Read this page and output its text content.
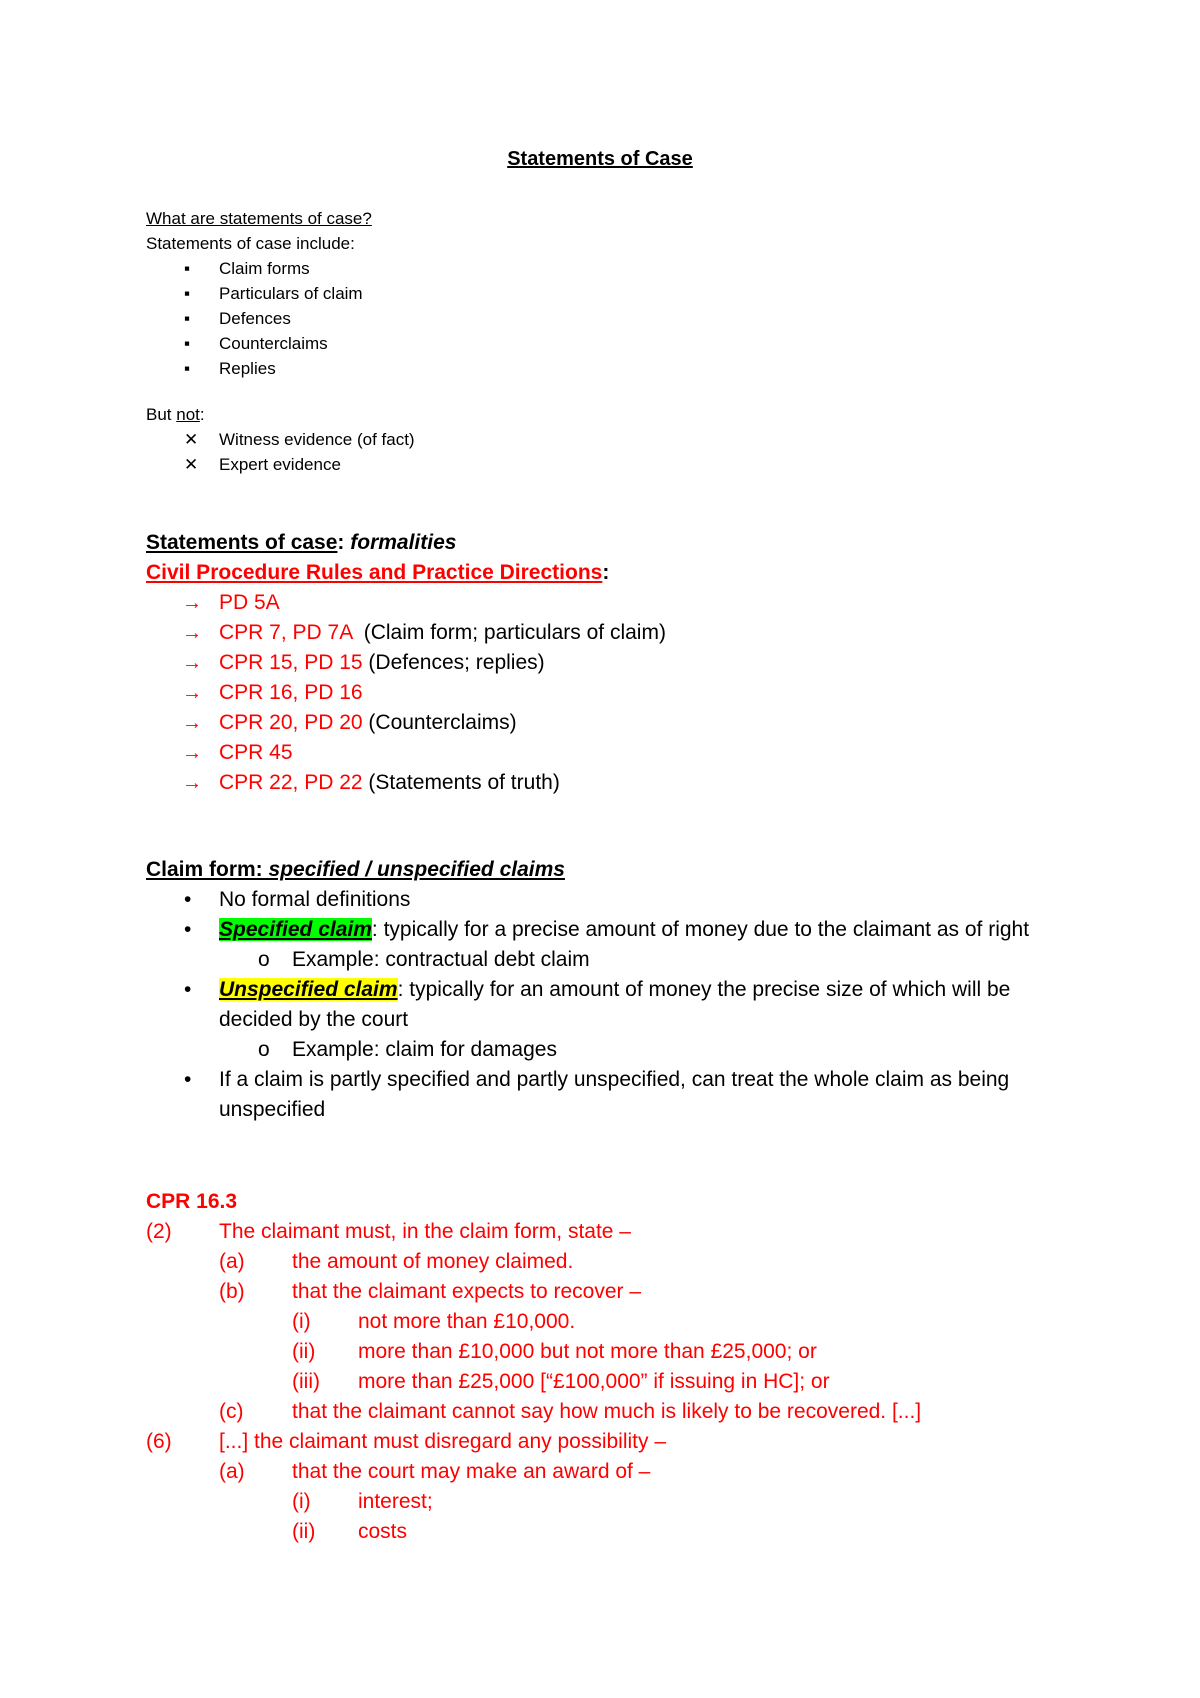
Statements of Case
What are statements of case?
Statements of case include:
▪	Claim forms
▪	Particulars of claim
▪	Defences
▪	Counterclaims
▪	Replies
But not:
✕	Witness evidence (of fact)
✕	Expert evidence
Statements of case: formalities
Civil Procedure Rules and Practice Directions:
→ PD 5A
→ CPR 7, PD 7A  (Claim form; particulars of claim)
→ CPR 15, PD 15 (Defences; replies)
→ CPR 16, PD 16
→ CPR 20, PD 20 (Counterclaims)
→ CPR 45
→ CPR 22, PD 22 (Statements of truth)
Claim form: specified / unspecified claims
• No formal definitions
• Specified claim: typically for a precise amount of money due to the claimant as of right
o Example: contractual debt claim
• Unspecified claim: typically for an amount of money the precise size of which will be decided by the court
o Example: claim for damages
• If a claim is partly specified and partly unspecified, can treat the whole claim as being unspecified
CPR 16.3
(2) The claimant must, in the claim form, state –
(a) the amount of money claimed.
(b) that the claimant expects to recover –
(i) not more than £10,000.
(ii) more than £10,000 but not more than £25,000; or
(iii) more than £25,000 [“£100,000” if issuing in HC]; or
(c) that the claimant cannot say how much is likely to be recovered. [...]
(6) [...] the claimant must disregard any possibility –
(a) that the court may make an award of –
(i) interest;
(ii) costs
